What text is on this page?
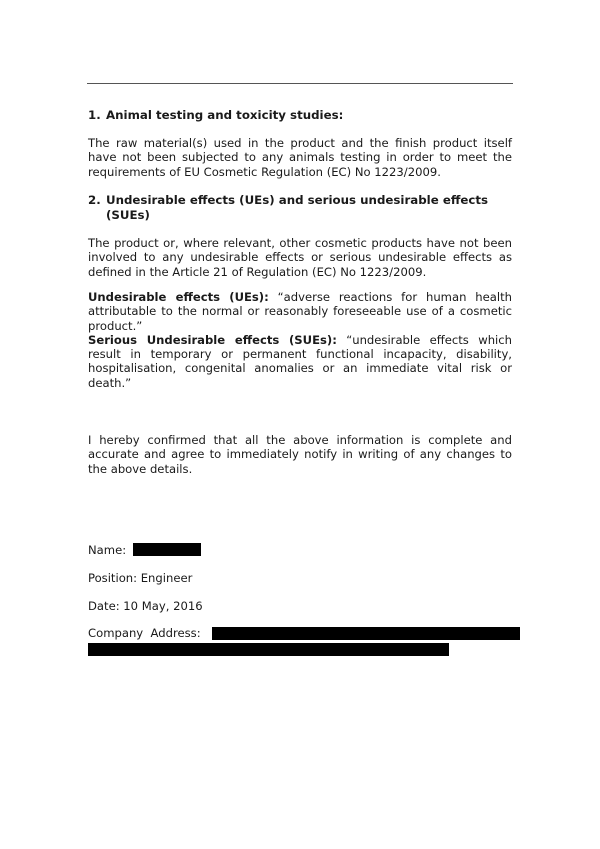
1. Animal testing and toxicity studies:
The raw material(s) used in the product and the finish product itself have not been subjected to any animals testing in order to meet the requirements of EU Cosmetic Regulation (EC) No 1223/2009.
2. Undesirable effects (UEs) and serious undesirable effects
(SUEs)
The product or, where relevant, other cosmetic products have not been involved to any undesirable effects or serious undesirable effects as defined in the Article 21 of Regulation (EC) No 1223/2009.
Undesirable effects (UEs): “adverse reactions for human health attributable to the normal or reasonably foreseeable use of a cosmetic product.”
Serious Undesirable effects (SUEs): “undesirable effects which result in temporary or permanent functional incapacity, disability, hospitalisation, congenital anomalies or an immediate vital risk or death.”
I hereby confirmed that all the above information is complete and accurate and agree to immediately notify in writing of any changes to the above details.
Name:
Position: Engineer
Date: 10 May, 2016
Company  Address:
